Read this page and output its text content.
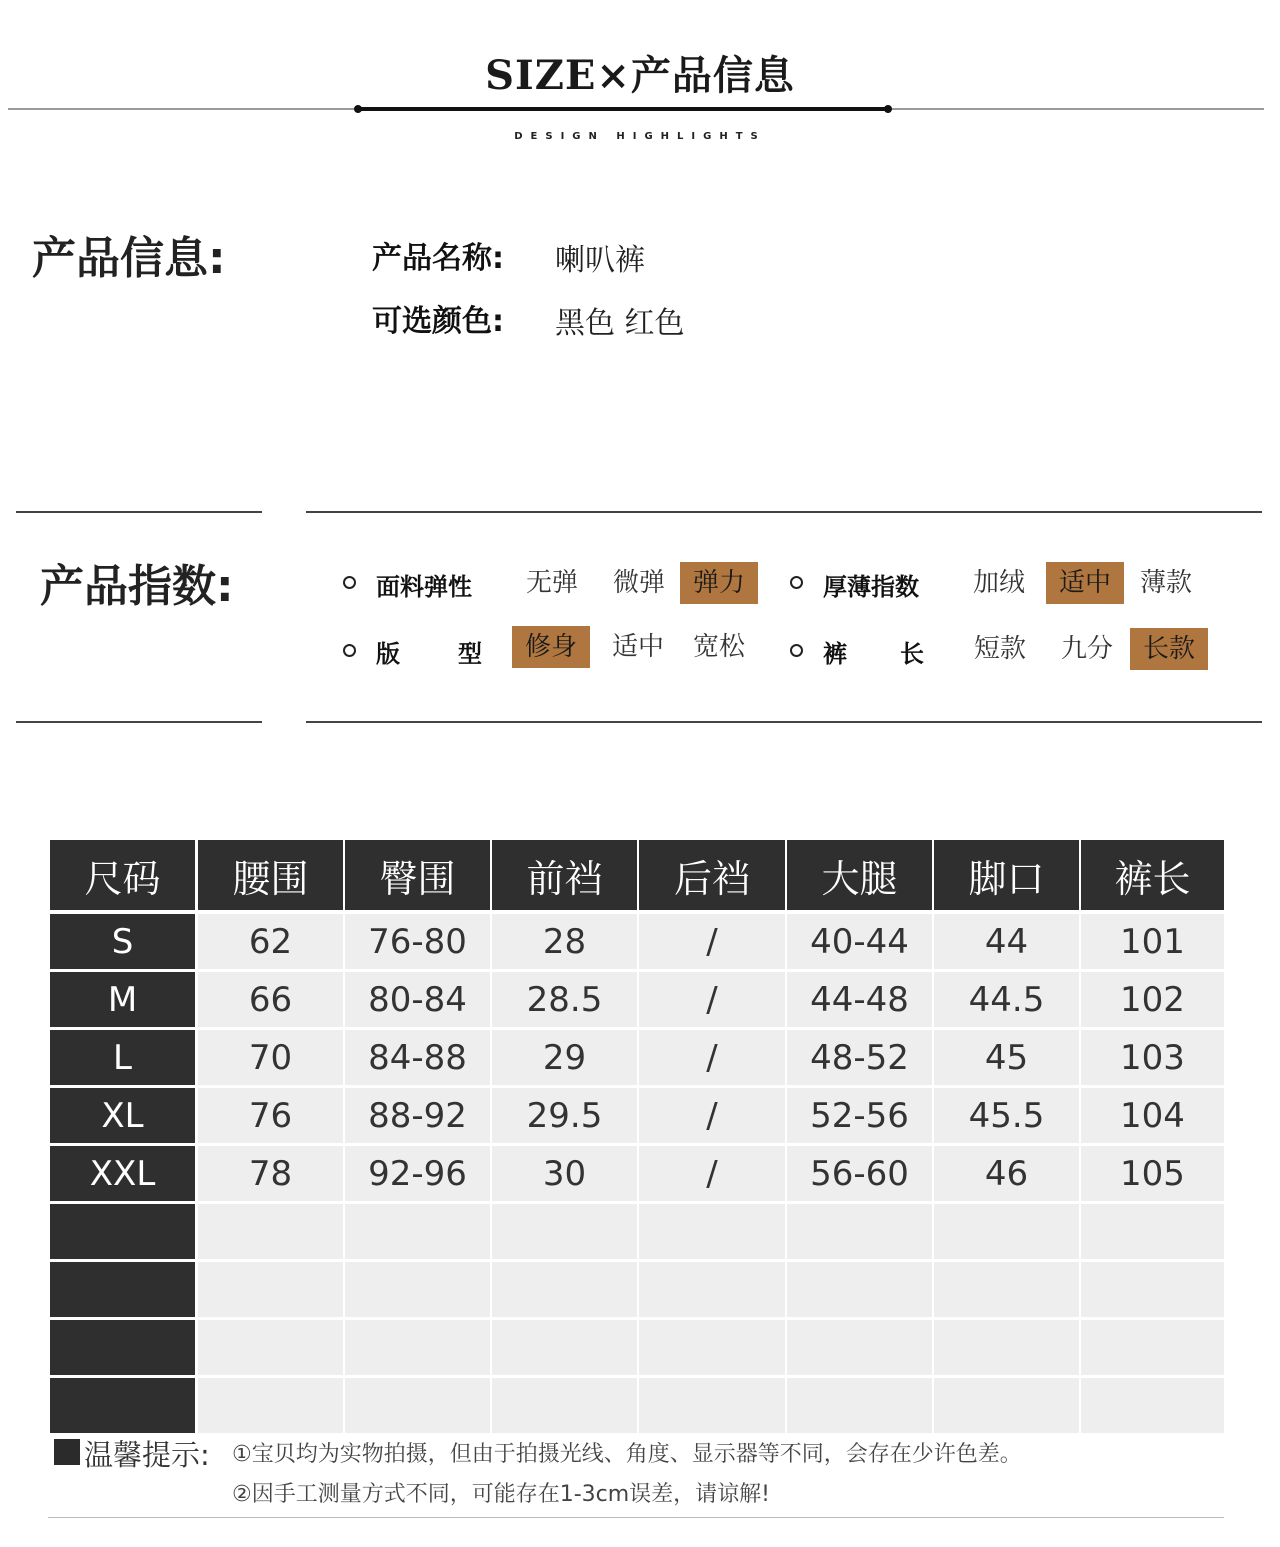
SIZE×产品信息
DESIGN HIGHLIGHTS
产品信息:	产品名称: 喇叭裤
可选颜色: 黑色 红色
产品指数:	面料弹性	无弹	微弹	弹力	厚薄指数	加绒	适中	薄款
版 型	修身	适中	宽松	裤 长	短款	九分	长款
尺码	腰围	臀围	前裆	后裆	大腿	脚口	裤长
S	62	76-80	28	/	40-44	44	101
M	66	80-84	28.5	/	44-48	44.5	102
L	70	84-88	29	/	48-52	45	103
XL	76	88-92	29.5	/	52-56	45.5	104
XXL	78	92-96	30	/	56-60	46	105
温馨提示: ①宝贝均为实物拍摄，但由于拍摄光线、角度、显示器等不同，会存在少许色差。
②因手工测量方式不同，可能存在1-3cm误差，请谅解!
